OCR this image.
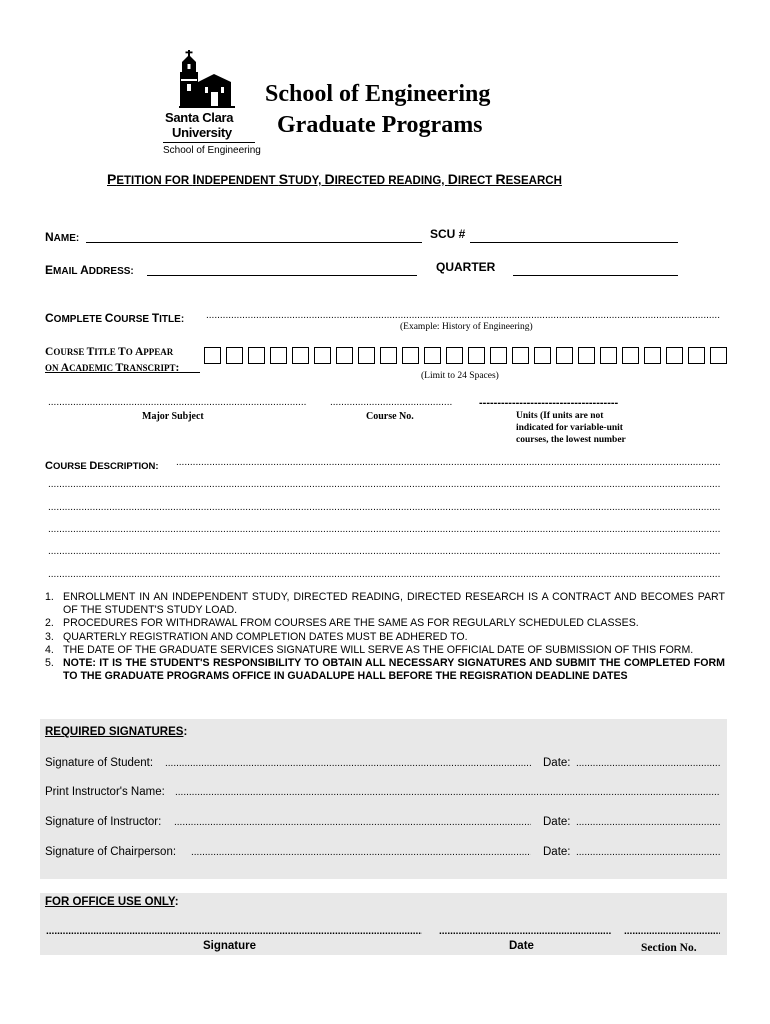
Santa Clara
University
School of Engineering
School of Engineering
Graduate Programs
PETITION FOR INDEPENDENT STUDY, DIRECTED READING, DIRECT RESEARCH
NAME:	SCU #
EMAIL ADDRESS:	QUARTER
COMPLETE COURSE TITLE:
.....
(Example: History of Engineering)
COURSE TITLE TO APPEAR
ON ACADEMIC TRANSCRIPT:
(Limit to 24 Spaces)
.....
.....
--------------------------------------
Major Subject	Course No.	Units (If units are not
indicated for variable-unit
courses, the lowest number
COURSE DESCRIPTION:
.....
.....
.....
.....
.....
.....
1. ENROLLMENT IN AN INDEPENDENT STUDY, DIRECTED READING, DIRECTED RESEARCH IS A CONTRACT AND BECOMES PART OF THE STUDENT'S STUDY LOAD.
2. PROCEDURES FOR WITHDRAWAL FROM COURSES ARE THE SAME AS FOR REGULARLY SCHEDULED CLASSES.
3. QUARTERLY REGISTRATION AND COMPLETION DATES MUST BE ADHERED TO.
4. THE DATE OF THE GRADUATE SERVICES SIGNATURE WILL SERVE AS THE OFFICIAL DATE OF SUBMISSION OF THIS FORM.
5. NOTE: IT IS THE STUDENT'S RESPONSIBILITY TO OBTAIN ALL NECESSARY SIGNATURES AND SUBMIT THE COMPLETED FORM TO THE GRADUATE PROGRAMS OFFICE IN GUADALUPE HALL BEFORE THE REGISRATION DEADLINE DATES
REQUIRED SIGNATURES:
Signature of Student: .....	Date:
.....
Print Instructor's Name:
.....
Signature of Instructor: .....	Date:
.....
Signature of Chairperson: .....	Date:
.....
FOR OFFICE USE ONLY:
.....
.....
.....
Signature	Date	Section No.
